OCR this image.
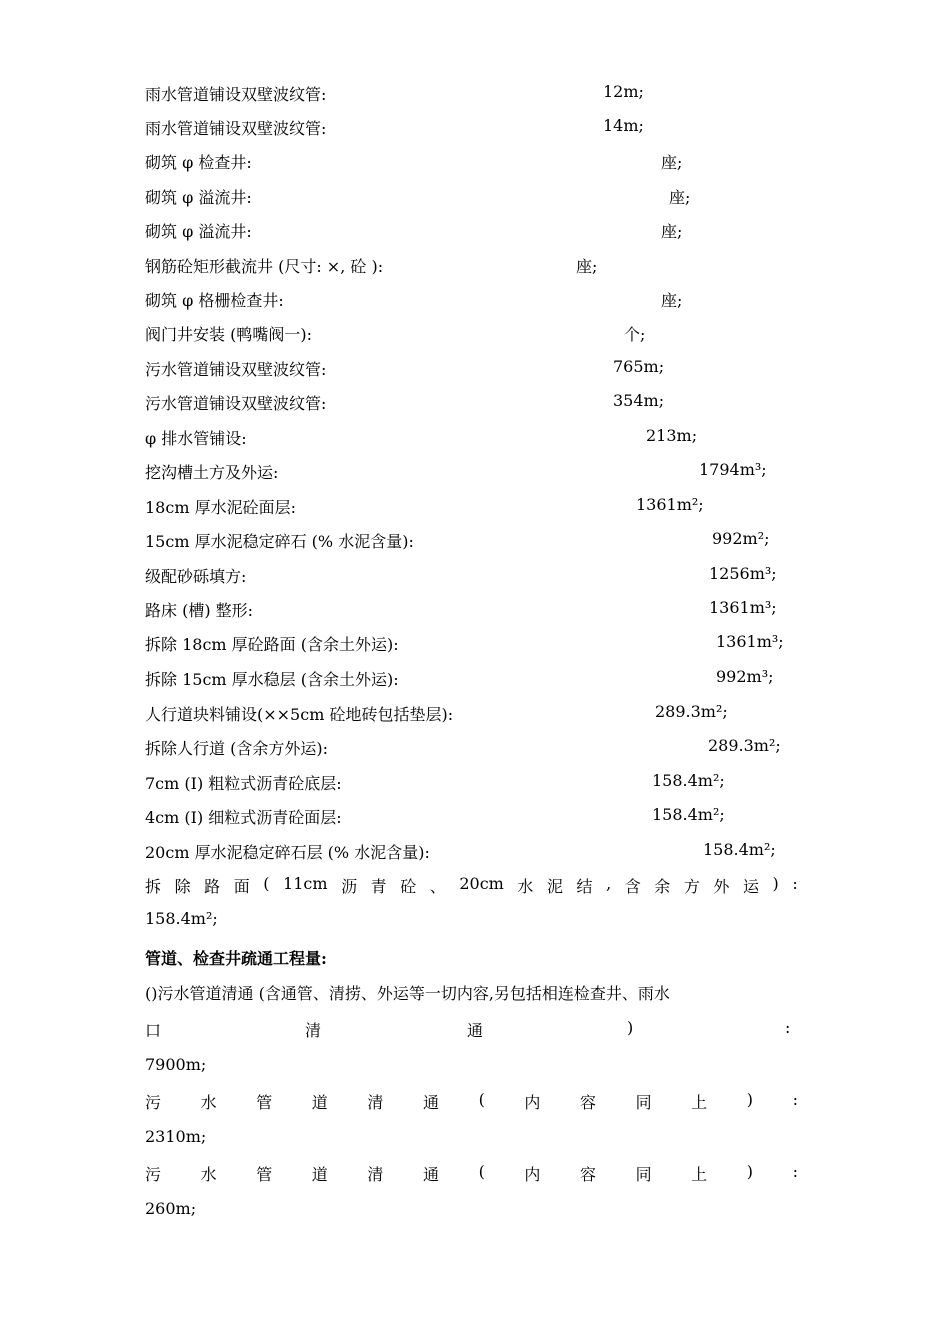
雨水管道铺设双壁波纹管:	12m;
雨水管道铺设双壁波纹管:	14m;
砌筑 φ 检查井:	座;
砌筑 φ 溢流井:	座;
砌筑 φ 溢流井:	座;
钢筋砼矩形截流井 (尺寸: ×, 砼 ):	座;
砌筑 φ 格栅检查井:	座;
阀门井安装 (鸭嘴阀一):	个;
污水管道铺设双壁波纹管:	765m;
污水管道铺设双壁波纹管:	354m;
φ 排水管铺设:	213m;
挖沟槽土方及外运:	1794m³;
18cm 厚水泥砼面层:	1361m²;
15cm 厚水泥稳定碎石 (% 水泥含量):	992m²;
级配砂砾填方:	1256m³;
路床 (槽) 整形:	1361m³;
拆除 18cm 厚砼路面 (含余土外运):	1361m³;
拆除 15cm 厚水稳层 (含余土外运):	992m³;
人行道块料铺设(××5cm 砼地砖包括垫层):	289.3m²;
拆除人行道 (含余方外运):	289.3m²;
7cm (Ⅰ) 粗粒式沥青砼底层:	158.4m²;
4cm (Ⅰ) 细粒式沥青砼面层:	158.4m²;
20cm 厚水泥稳定碎石层 (% 水泥含量):	158.4m²;
拆 除 路 面 ( 11cm 沥 青 砼 、 20cm 水 泥 结 , 含 余 方 外 运 ) :
158.4m²;
管道、检查井疏通工程量:
()污水管道清通 (含通管、清捞、外运等一切内容,另包括相连检查井、雨水
口	清	通	)	:
7900m;
污 水 管 道 清 通 ( 内 容 同 上 ) :
2310m;
污 水 管 道 清 通 ( 内 容 同 上 ) :
260m;
